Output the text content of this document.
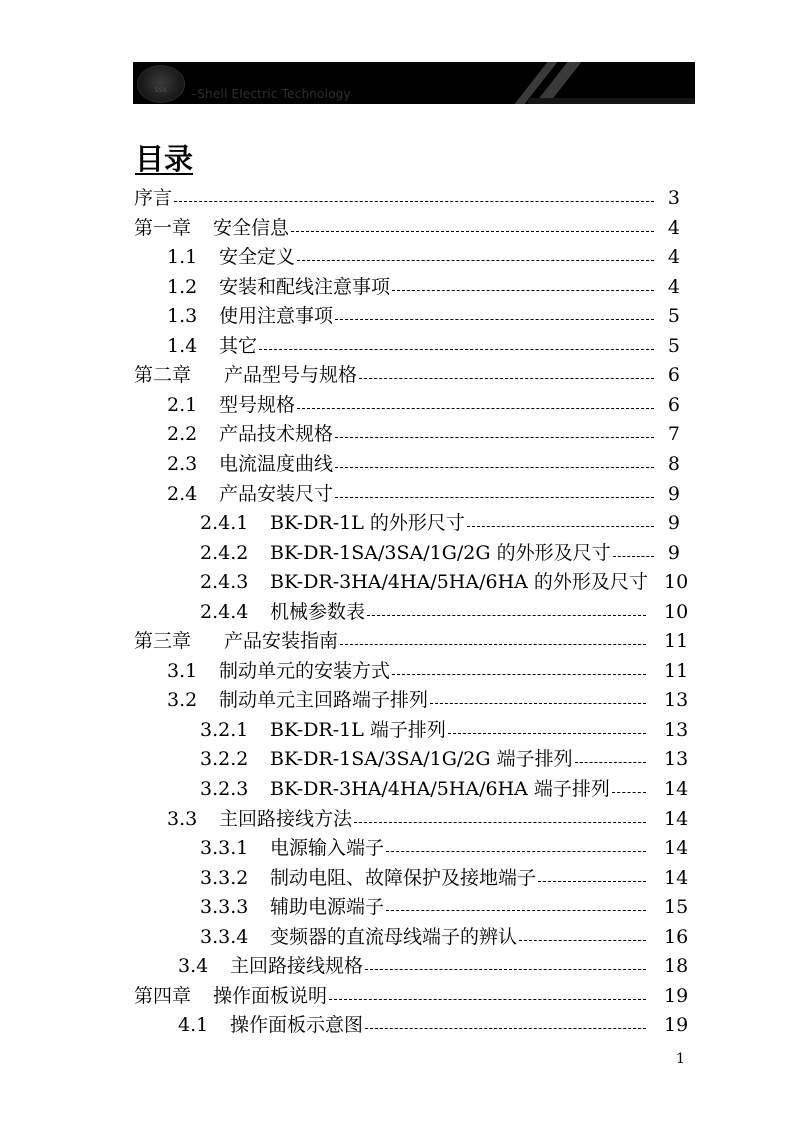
SSK	–Shell Electric Technology
目录
序言	3
第一章 安全信息	4
1.1 安全定义	4
1.2 安装和配线注意事项	4
1.3 使用注意事项	5
1.4 其它	5
第二章 产品型号与规格	6
2.1 型号规格	6
2.2 产品技术规格	7
2.3 电流温度曲线	8
2.4 产品安装尺寸	9
2.4.1 BK-DR-1L 的外形尺寸	9
2.4.2 BK-DR-1SA/3SA/1G/2G 的外形及尺寸	9
2.4.3 BK-DR-3HA/4HA/5HA/6HA 的外形及尺寸 10
2.4.4 机械参数表	10
第三章 产品安装指南	11
3.1 制动单元的安装方式	11
3.2 制动单元主回路端子排列	13
3.2.1 BK-DR-1L 端子排列	13
3.2.2 BK-DR-1SA/3SA/1G/2G 端子排列	13
3.2.3 BK-DR-3HA/4HA/5HA/6HA 端子排列	14
3.3 主回路接线方法	14
3.3.1 电源输入端子	14
3.3.2 制动电阻、故障保护及接地端子	14
3.3.3 辅助电源端子	15
3.3.4 变频器的直流母线端子的辨认	16
3.4 主回路接线规格	18
第四章 操作面板说明	19
4.1 操作面板示意图	19
1
